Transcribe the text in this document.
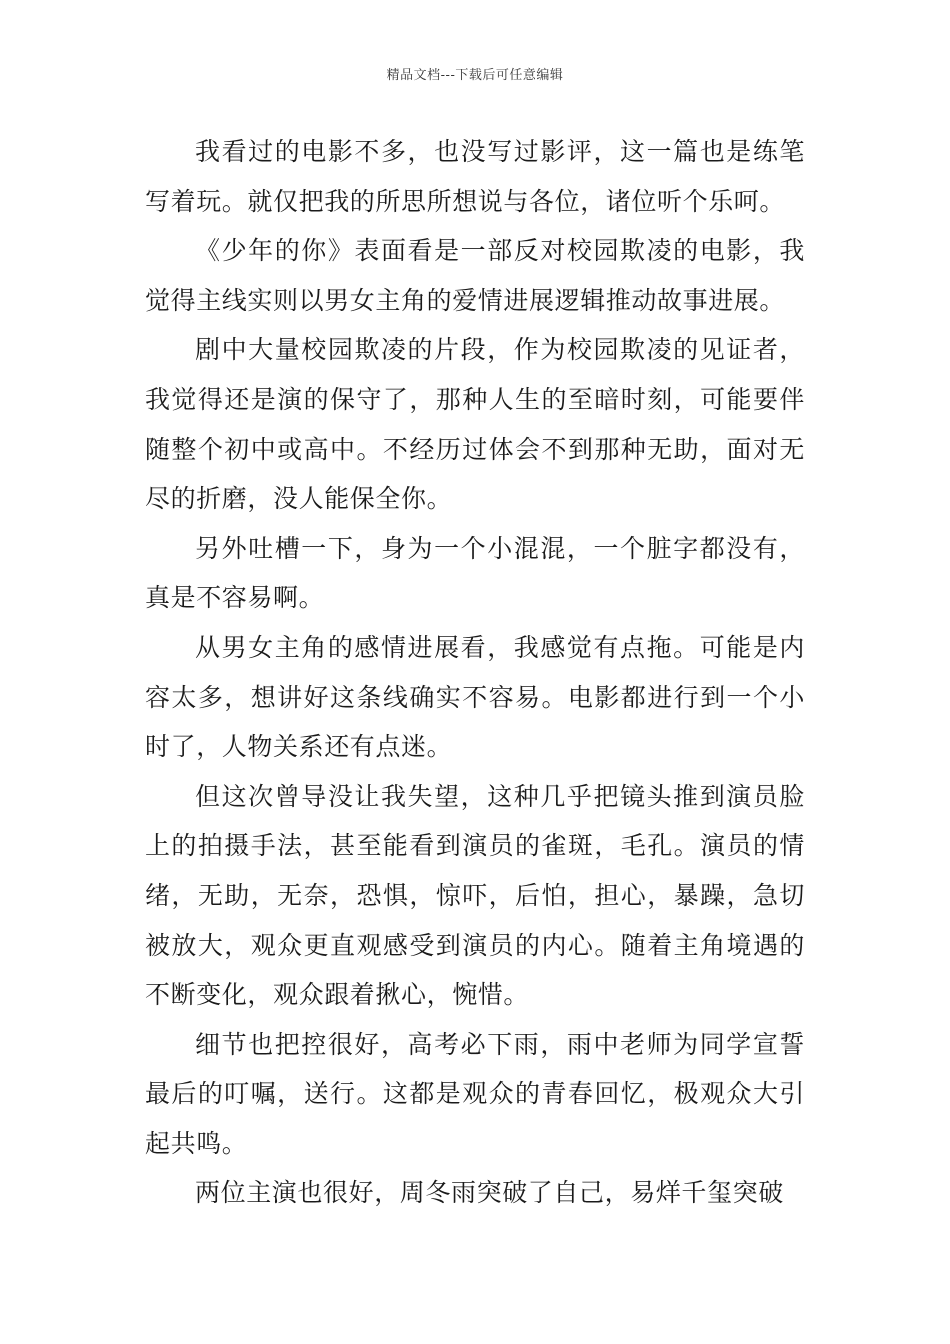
精品文档---下载后可任意编辑

我看过的电影不多，也没写过影评，这一篇也是练笔写着玩。就仅把我的所思所想说与各位，诸位听个乐呵。

《少年的你》表面看是一部反对校园欺凌的电影，我觉得主线实则以男女主角的爱情进展逻辑推动故事进展。

剧中大量校园欺凌的片段，作为校园欺凌的见证者，我觉得还是演的保守了，那种人生的至暗时刻，可能要伴随整个初中或高中。不经历过体会不到那种无助，面对无尽的折磨，没人能保全你。

另外吐槽一下，身为一个小混混，一个脏字都没有，真是不容易啊。

从男女主角的感情进展看，我感觉有点拖。可能是内容太多，想讲好这条线确实不容易。电影都进行到一个小时了，人物关系还有点迷。

但这次曾导没让我失望，这种几乎把镜头推到演员脸上的拍摄手法，甚至能看到演员的雀斑，毛孔。演员的情绪，无助，无奈，恐惧，惊吓，后怕，担心，暴躁，急切被放大，观众更直观感受到演员的内心。随着主角境遇的不断变化，观众跟着揪心，惋惜。

细节也把控很好，高考必下雨，雨中老师为同学宣誓最后的叮嘱，送行。这都是观众的青春回忆，极观众大引起共鸣。

两位主演也很好，周冬雨突破了自己，易烊千玺突破
